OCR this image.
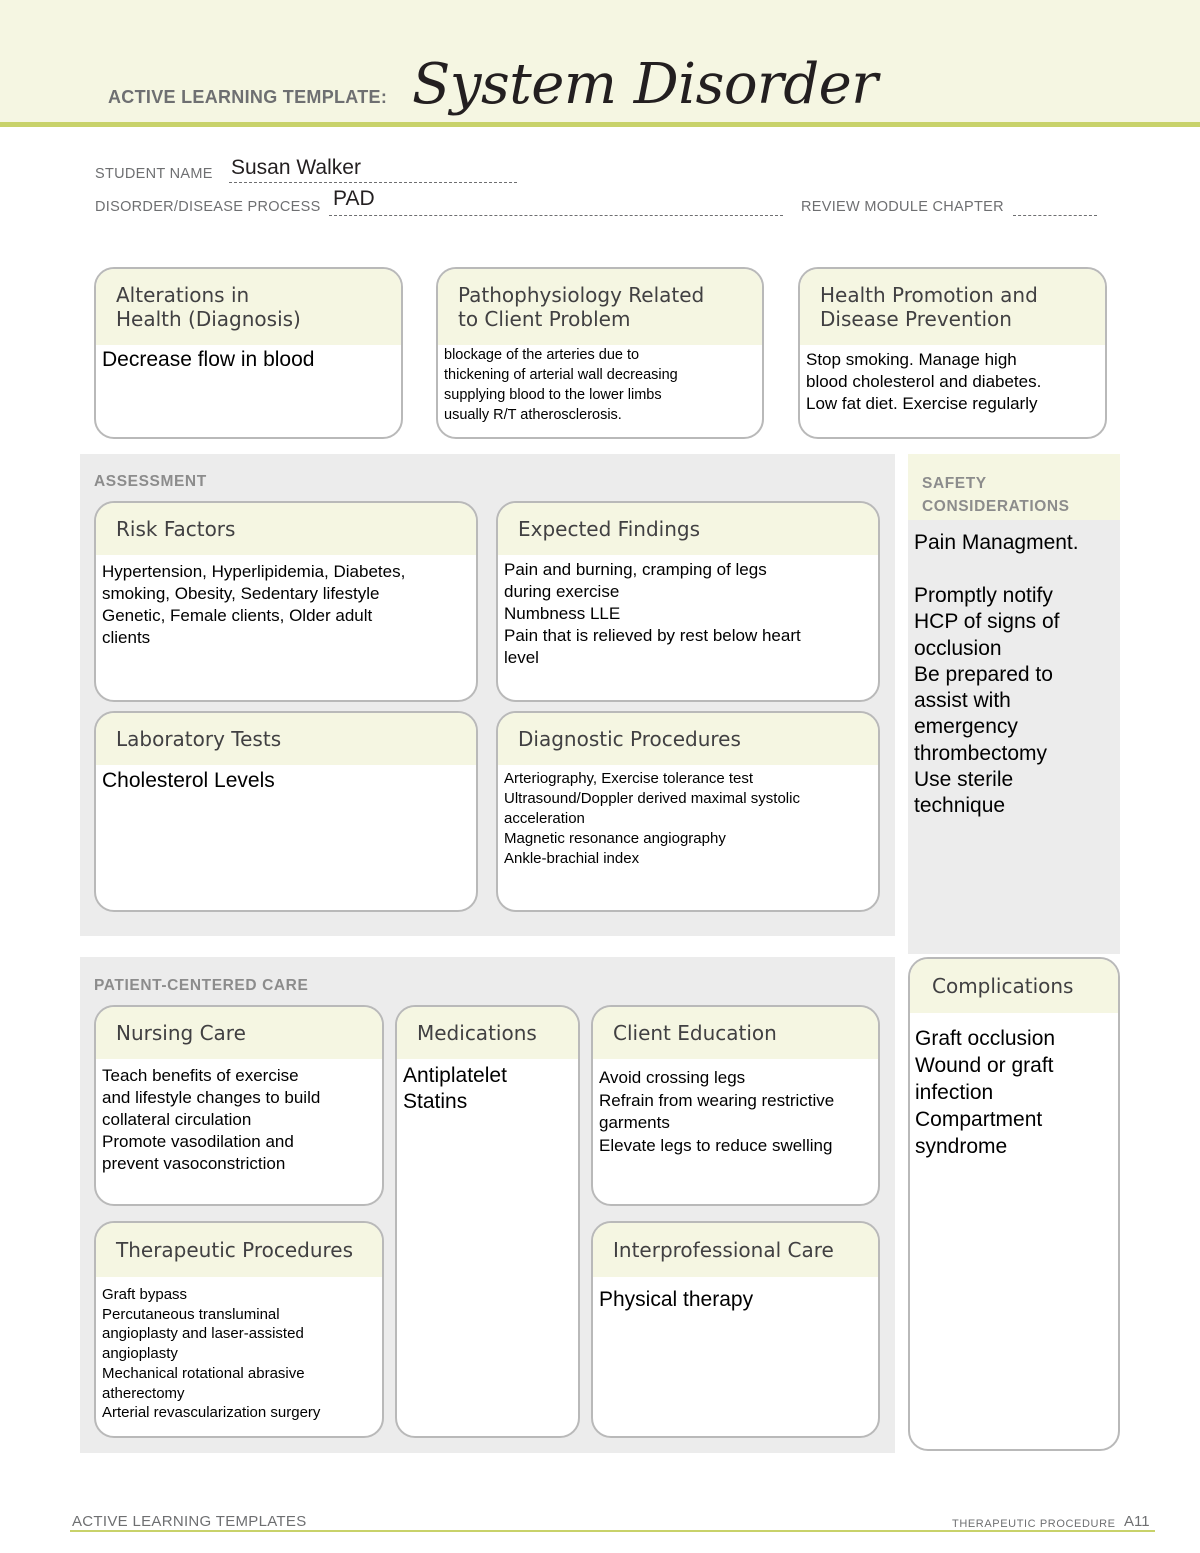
ACTIVE LEARNING TEMPLATE: System Disorder
STUDENT NAME Susan Walker
DISORDER/DISEASE PROCESS PAD	REVIEW MODULE CHAPTER
Alterations in
Health (Diagnosis)
Decrease flow in blood
Pathophysiology Related
to Client Problem
blockage of the arteries due to
thickening of arterial wall decreasing
supplying blood to the lower limbs
usually R/T atherosclerosis.
Health Promotion and
Disease Prevention
Stop smoking. Manage high
blood cholesterol and diabetes.
Low fat diet. Exercise regularly
ASSESSMENT
Risk Factors
Hypertension, Hyperlipidemia, Diabetes,
smoking, Obesity, Sedentary lifestyle
Genetic, Female clients, Older adult
clients
Expected Findings
Pain and burning, cramping of legs
during exercise
Numbness LLE
Pain that is relieved by rest below heart
level
Laboratory Tests
Cholesterol Levels
Diagnostic Procedures
Arteriography, Exercise tolerance test
Ultrasound/Doppler derived maximal systolic
acceleration
Magnetic resonance angiography
Ankle-brachial index
SAFETY
CONSIDERATIONS
Pain Managment.
Promptly notify
HCP of signs of
occlusion
Be prepared to
assist with
emergency
thrombectomy
Use sterile
technique
PATIENT-CENTERED CARE
Nursing Care
Teach benefits of exercise
and lifestyle changes to build
collateral circulation
Promote vasodilation and
prevent vasoconstriction
Medications
Antiplatelet
Statins
Client Education
Avoid crossing legs
Refrain from wearing restrictive
garments
Elevate legs to reduce swelling
Therapeutic Procedures
Graft bypass
Percutaneous transluminal
angioplasty and laser-assisted
angioplasty
Mechanical rotational abrasive
atherectomy
Arterial revascularization surgery
Interprofessional Care
Physical therapy
Complications
Graft occlusion
Wound or graft
infection
Compartment
syndrome
ACTIVE LEARNING TEMPLATES	THERAPEUTIC PROCEDURE A11
